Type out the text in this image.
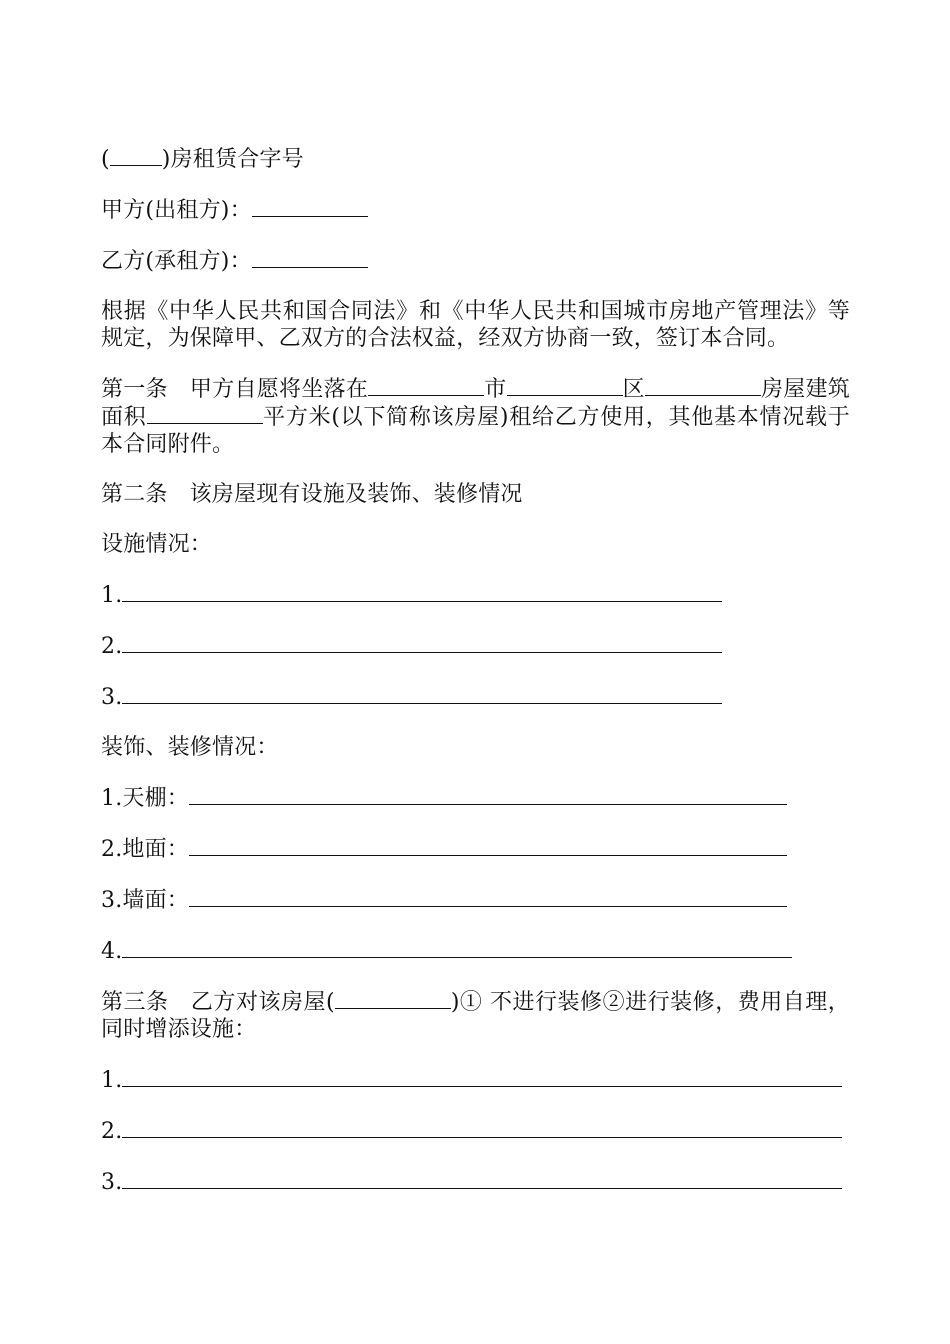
( )房租赁合字号

甲方(出租方)：

乙方(承租方)：

根据《中华人民共和国合同法》和《中华人民共和国城市房地产管理法》等规定，为保障甲、乙双方的合法权益，经双方协商一致，签订本合同。

第一条 甲方自愿将坐落在	市	区	房屋建筑面积	平方米(以下简称该房屋)租给乙方使用，其他基本情况载于本合同附件。

第二条 该房屋现有设施及装饰、装修情况

设施情况：

1.

2.

3.

装饰、装修情况：

1.天棚：

2.地面：

3.墙面：

4.

第三条 乙方对该房屋(	)① 不进行装修②进行装修，费用自理，同时增添设施：

1.

2.

3.
